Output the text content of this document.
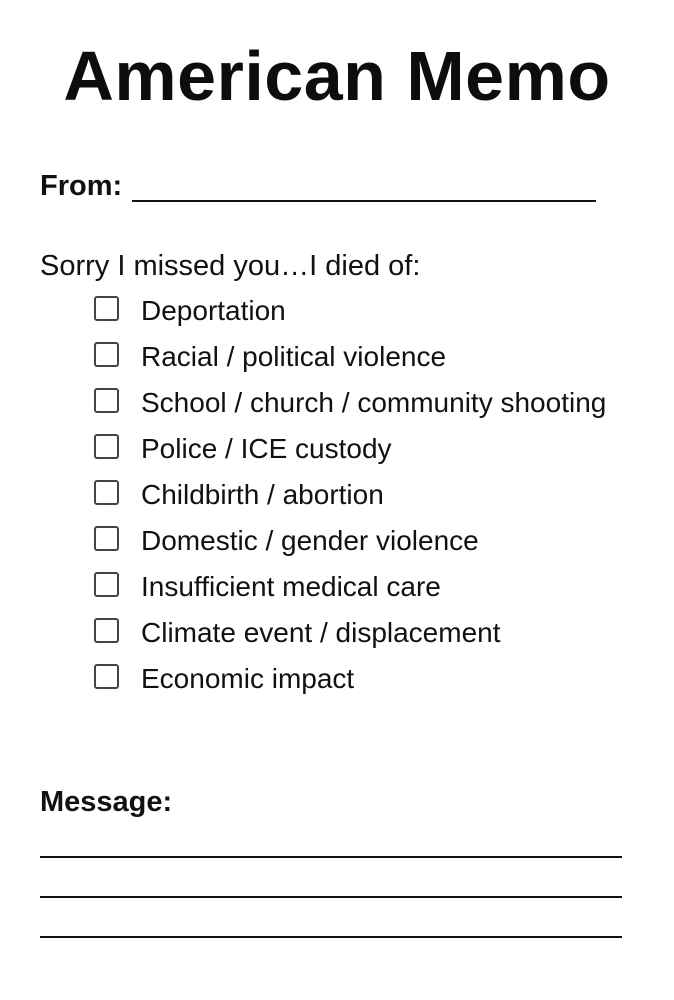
American Memo
From:
Sorry I missed you…I died of:
Deportation
Racial / political violence
School / church / community shooting
Police / ICE custody
Childbirth / abortion
Domestic / gender violence
Insufficient medical care
Climate event / displacement
Economic impact
Message:
